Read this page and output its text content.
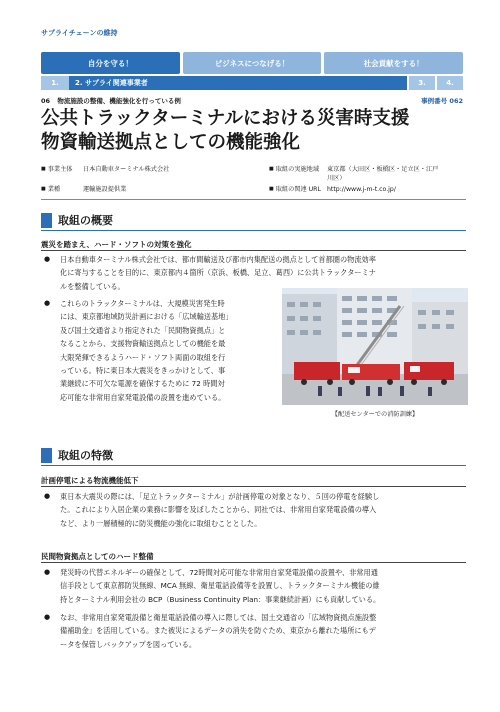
サプライチェーンの維持
自分を守る！	ビジネスにつなげる！	社会貢献をする！
1.	2. サプライ関連事業者	3.	4.
06 物流施設の整備、機能強化を行っている例	事例番号 062
公共トラックターミナルにおける災害時支援
物資輸送拠点としての機能強化
■ 事業主体	日本自動車ターミナル株式会社	■ 取組の実施地域	東京都（大田区・板橋区・足立区・江戸
川区）
■ 業種	運輸施設提供業	■ 取組の関連 URL http://www.j-m-t.co.jp/
取組の概要
震災を踏まえ、ハード・ソフトの対策を強化
● 日本自動車ターミナル株式会社では、都市間輸送及び都市内集配送の拠点として首都圏の物流効率
化に寄与することを目的に、東京都内４箇所（京浜、板橋、足立、葛西）に公共トラックターミナ
ルを整備している。
● これらのトラックターミナルは、大規模災害発生時
には、東京都地域防災計画における「広域輸送基地」
及び国土交通省より指定された「民間物資拠点」と
なることから、支援物資輸送拠点としての機能を最
大限発揮できるようハード・ソフト両面の取組を行
っている。特に東日本大震災をきっかけとして、事
業継続に不可欠な電源を確保するために 72 時間対
応可能な非常用自家発電設備の設置を進めている。
【配送センターでの消防訓練】
取組の特徴
計画停電による物流機能低下
● 東日本大震災の際には、「足立トラックターミナル」が計画停電の対象となり、５回の停電を経験し
た。これにより入居企業の業務に影響を及ぼしたことから、同社では、非常用自家発電設備の導入
など、より一層積極的に防災機能の強化に取組むこととした。
民間物資拠点としてのハード整備
● 発災時の代替エネルギーの確保として、72時間対応可能な非常用自家発電設備の設置や、非常用通
信手段として東京都防災無線、MCA 無線、衛星電話設備等を設置し、トラックターミナル機能の維
持とターミナル利用会社の BCP（Business Continuity Plan：事業継続計画）にも貢献している。
● なお、非常用自家発電設備と衛星電話設備の導入に際しては、国土交通省の「広域物資拠点施設整
備補助金」を活用している。また被災によるデータの消失を防ぐため、東京から離れた場所にもデ
ータを保管しバックアップを図っている。
